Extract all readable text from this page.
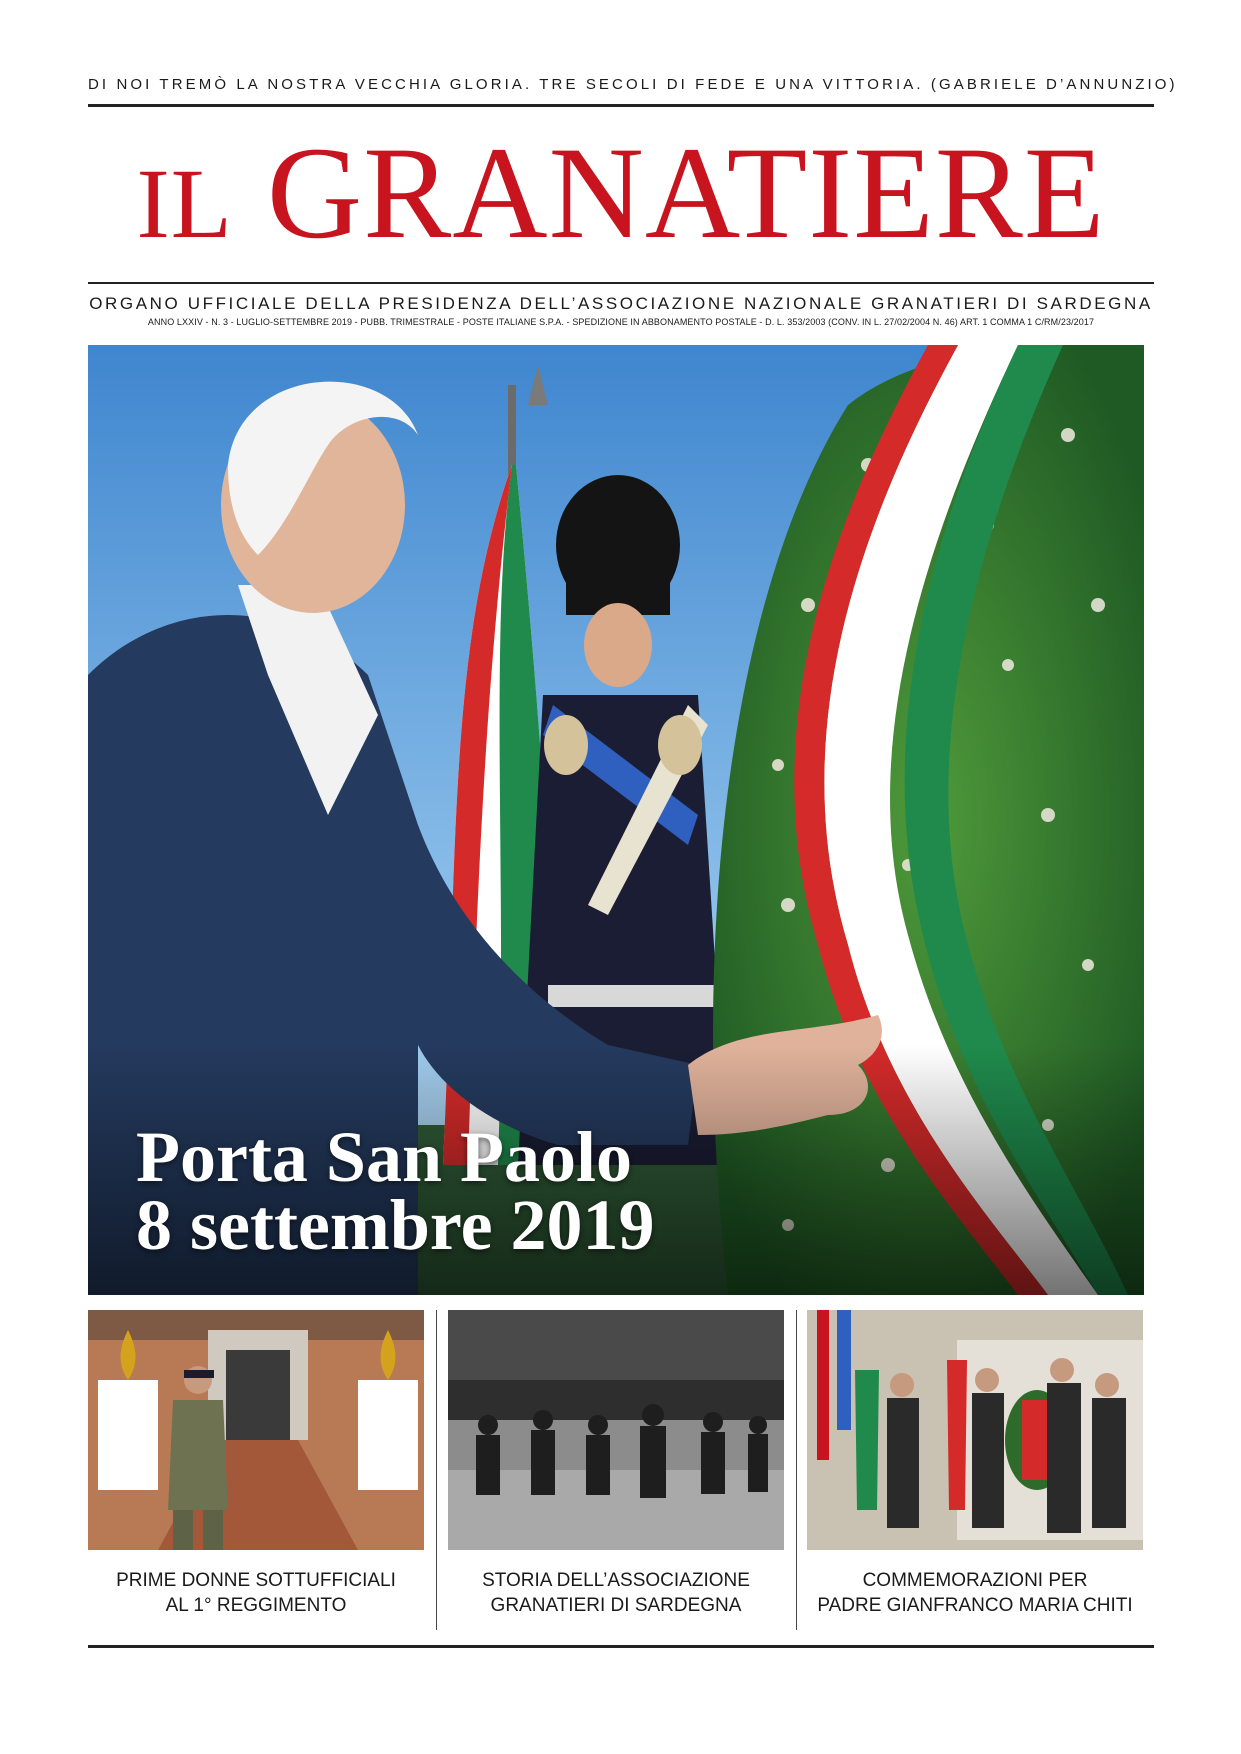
DI NOI TREMÒ LA NOSTRA VECCHIA GLORIA. TRE SECOLI DI FEDE E UNA VITTORIA. (GABRIELE D’ANNUNZIO)
IL GRANATIERE
ORGANO UFFICIALE DELLA PRESIDENZA DELL’ASSOCIAZIONE NAZIONALE GRANATIERI DI SARDEGNA
ANNO LXXIV - N. 3 - LUGLIO-SETTEMBRE 2019 - PUBB. TRIMESTRALE - POSTE ITALIANE S.P.A. - SPEDIZIONE IN ABBONAMENTO POSTALE - D. L. 353/2003 (CONV. IN L. 27/02/2004 N. 46) ART. 1 COMMA 1 C/RM/23/2017
Porta San Paolo
8 settembre 2019
PRIME DONNE SOTTUFFICIALI
AL 1° REGGIMENTO
STORIA DELL’ASSOCIAZIONE
GRANATIERI DI SARDEGNA
COMMEMORAZIONI PER
PADRE GIANFRANCO MARIA CHITI
